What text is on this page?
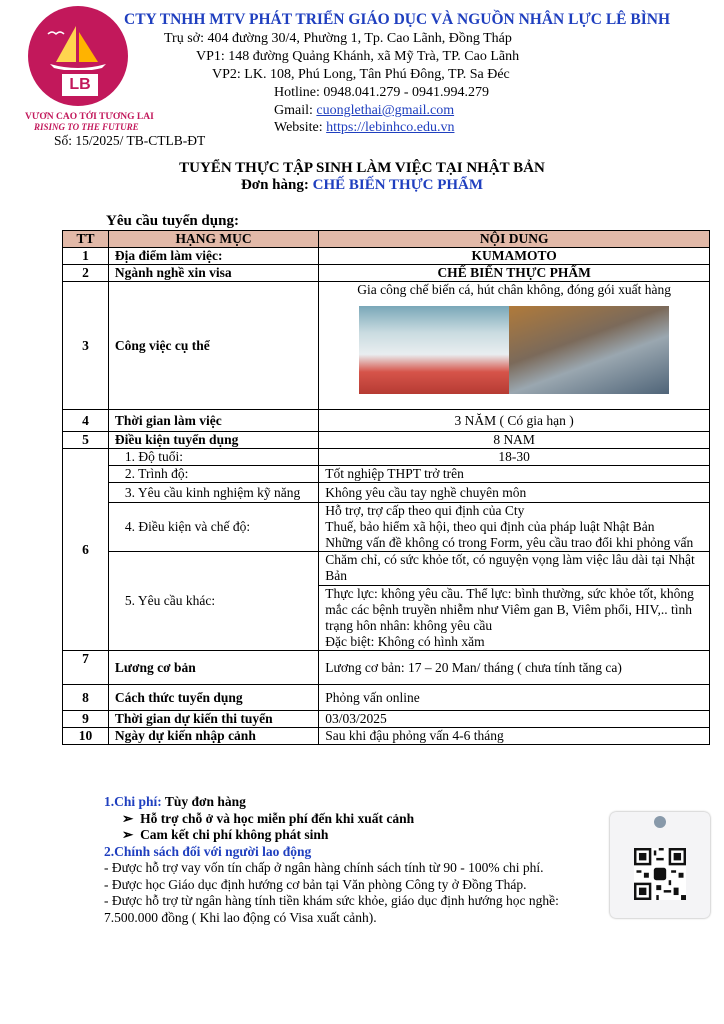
LB
VƯƠN CAO TỚI TƯƠNG LAI
RISING TO THE FUTURE
CTY TNHH MTV PHÁT TRIỂN GIÁO DỤC VÀ NGUỒN NHÂN LỰC LÊ BÌNH
Trụ sở: 404 đường 30/4, Phường 1, Tp. Cao Lãnh, Đồng Tháp
VP1: 148 đường Quảng Khánh, xã Mỹ Trà, TP. Cao Lãnh
VP2: LK. 108, Phú Long, Tân Phú Đông, TP. Sa Đéc
Hotline: 0948.041.279 - 0941.994.279
Gmail: cuonglethai@gmail.com
Website: https://lebinhco.edu.vn
Số: 15/2025/ TB-CTLB-ĐT
TUYỂN THỰC TẬP SINH LÀM VIỆC TẠI NHẬT BẢN
Đơn hàng: CHẾ BIẾN THỰC PHẨM
Yêu cầu tuyển dụng:
TT	HẠNG MỤC	NỘI DUNG
1	Địa điểm làm việc:	KUMAMOTO
2	Ngành nghề xin visa	CHẾ BIẾN THỰC PHẨM
3	Công việc cụ thể	Gia công chế biến cá, hút chân không, đóng gói xuất hàng

4	Thời gian làm việc	3 NĂM ( Có gia hạn )
5	Điều kiện tuyển dụng	8 NAM
6	1. Độ tuổi:	18-30
	2. Trình độ:	Tốt nghiệp THPT trở trên
	3. Yêu cầu kinh nghiệm kỹ năng	Không yêu cầu tay nghề chuyên môn
	4. Điều kiện và chế độ:	Hỗ trợ, trợ cấp theo qui định của Cty
Thuế, bảo hiểm xã hội, theo qui định của pháp luật Nhật Bản
Những vấn đề không có trong Form, yêu cầu trao đổi khi phỏng vấn

	5. Yêu cầu khác:	Chăm chỉ, có sức khỏe tốt, có nguyện vọng làm việc lâu dài tại Nhật Bản
Thực lực: không yêu cầu. Thể lực: bình thường, sức khỏe tốt, không mắc các bệnh truyền nhiễm như Viêm gan B, Viêm phổi, HIV,.. tình trạng hôn nhân: không yêu cầu
Đặc biệt: Không có hình xăm

7	Lương cơ bản	Lương cơ bản: 17 – 20 Man/ tháng ( chưa tính tăng ca)
8	Cách thức tuyển dụng	Phỏng vấn online
9	Thời gian dự kiến thi tuyển	03/03/2025
10	Ngày dự kiến nhập cảnh	Sau khi đậu phỏng vấn 4-6 tháng
1.Chi phí: Tùy đơn hàng
➢ Hỗ trợ chỗ ở và học miễn phí đến khi xuất cảnh
➢ Cam kết chi phí không phát sinh
2.Chính sách đối với người lao động
- Được hỗ trợ vay vốn tín chấp ở ngân hàng chính sách tính từ 90 - 100% chi phí.
- Được học Giáo dục định hướng cơ bản tại Văn phòng Công ty ở Đồng Tháp.
- Được hỗ trợ từ ngân hàng tính tiền khám sức khỏe, giáo dục định hướng học nghề: 7.500.000 đồng ( Khi lao động có Visa xuất cảnh).
